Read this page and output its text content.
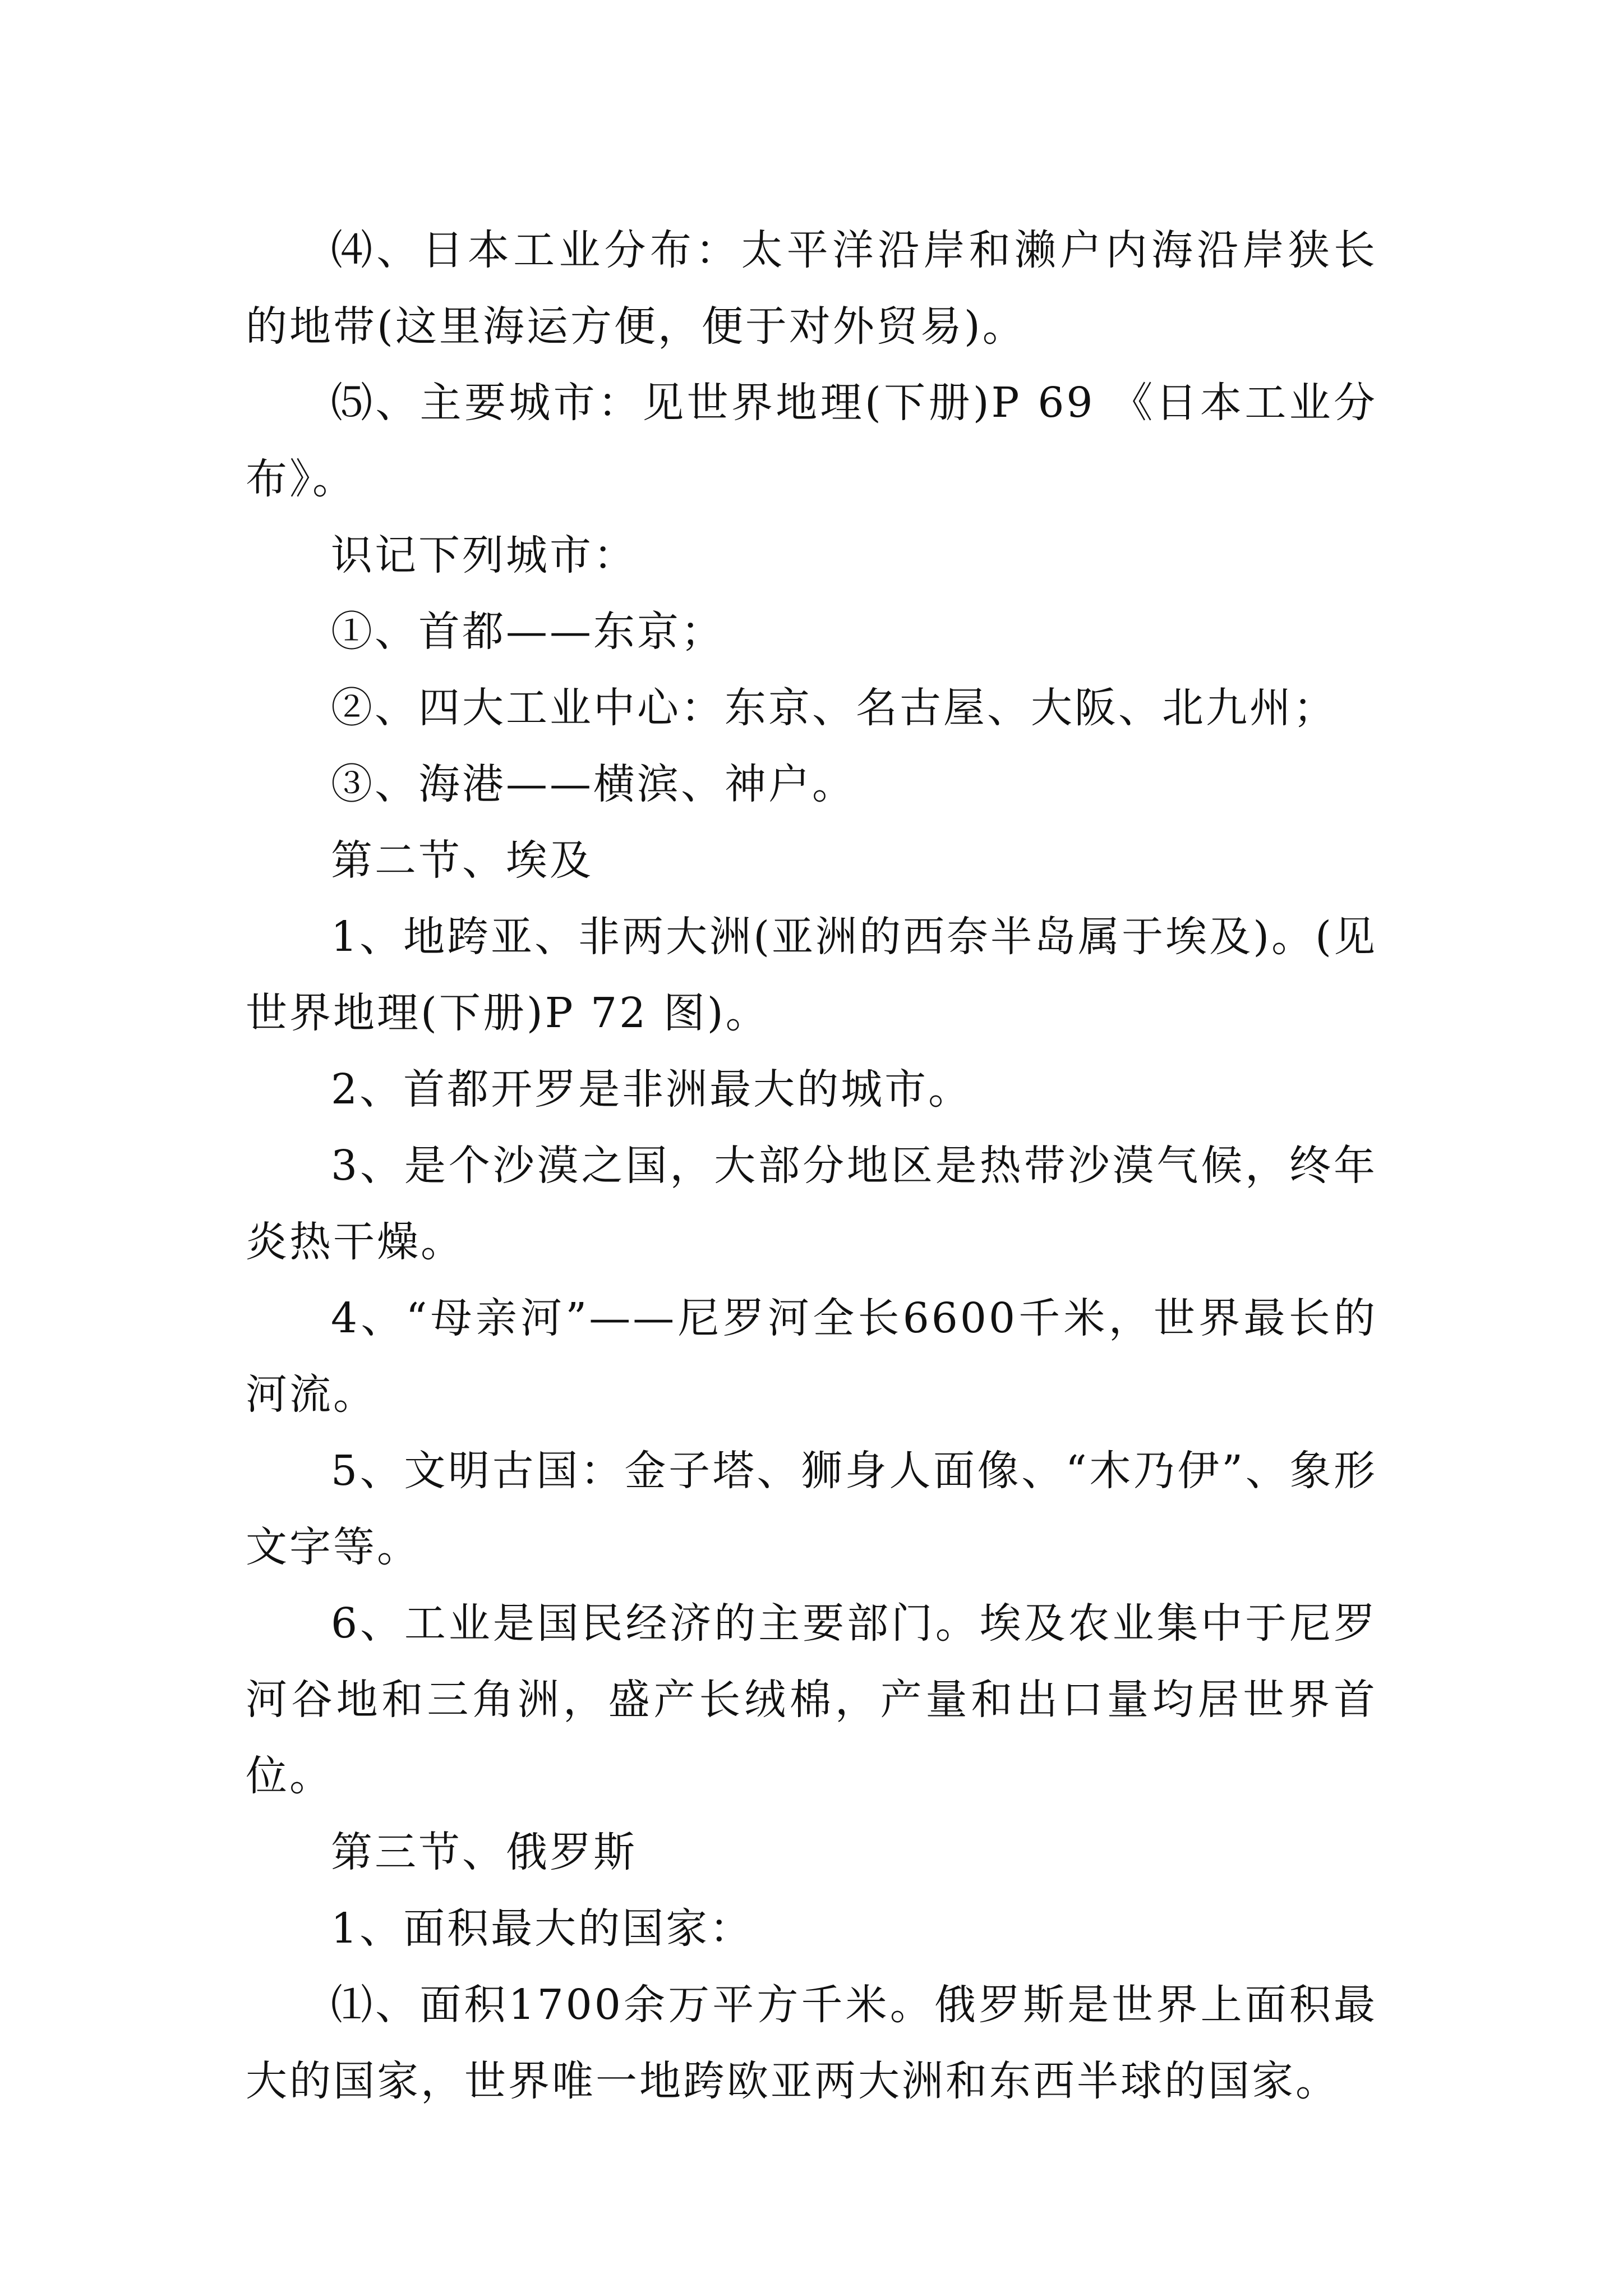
⑷、日本工业分布：太平洋沿岸和濑户内海沿岸狭长的地带(这里海运方便，便于对外贸易)。

⑸、主要城市：见世界地理(下册)P 69 《日本工业分布》。

识记下列城市：

①、首都——东京；

②、四大工业中心：东京、名古屋、大阪、北九州；

③、海港——横滨、神户。

第二节、埃及

1、地跨亚、非两大洲(亚洲的西奈半岛属于埃及)。(见世界地理(下册)P 72 图)。

2、首都开罗是非洲最大的城市。

3、是个沙漠之国，大部分地区是热带沙漠气候，终年炎热干燥。

4、“母亲河”——尼罗河全长6600千米，世界最长的河流。

5、文明古国：金子塔、狮身人面像、“木乃伊”、象形文字等。

6、工业是国民经济的主要部门。埃及农业集中于尼罗河谷地和三角洲，盛产长绒棉，产量和出口量均居世界首位。

第三节、俄罗斯

1、面积最大的国家：

⑴、面积1700余万平方千米。俄罗斯是世界上面积最大的国家，世界唯一地跨欧亚两大洲和东西半球的国家。
